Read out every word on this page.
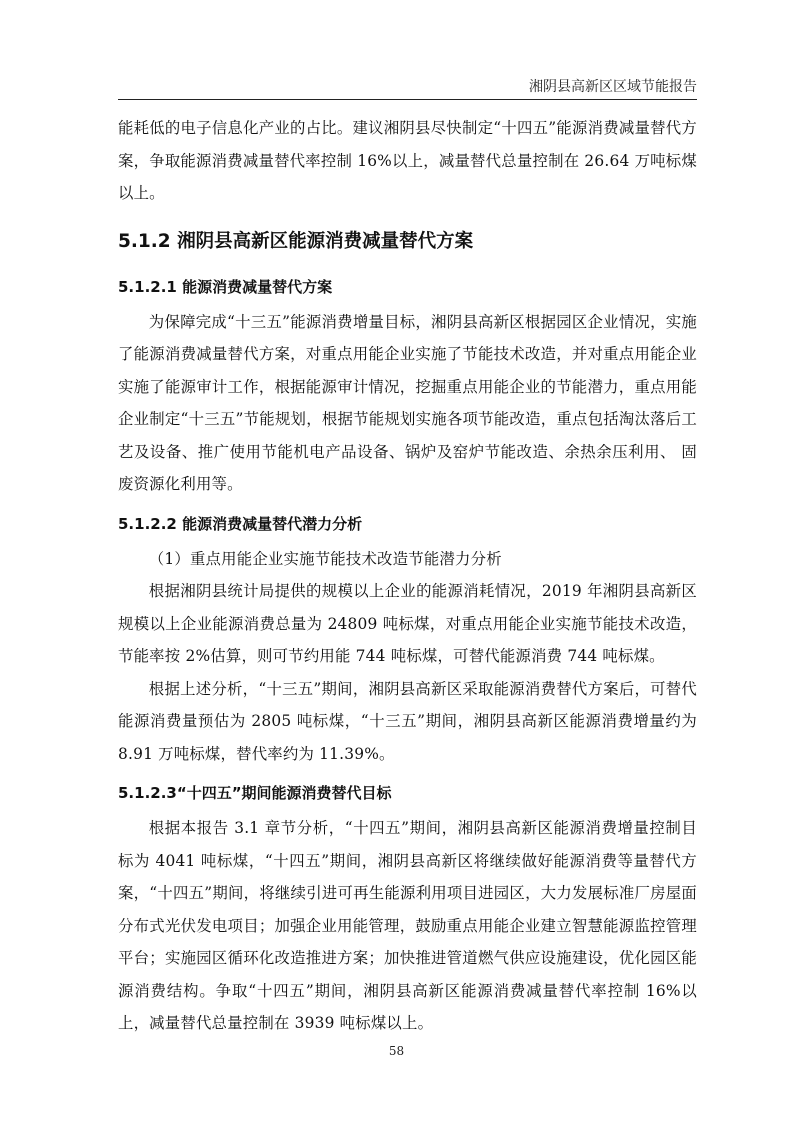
湘阴县高新区区域节能报告

能耗低的电子信息化产业的占比。建议湘阴县尽快制定“十四五”能源消费减量替代方案，争取能源消费减量替代率控制 16%以上，减量替代总量控制在 26.64 万吨标煤以上。

5.1.2 湘阴县高新区能源消费减量替代方案
5.1.2.1 能源消费减量替代方案

为保障完成“十三五”能源消费增量目标，湘阴县高新区根据园区企业情况，实施了能源消费减量替代方案，对重点用能企业实施了节能技术改造，并对重点用能企业实施了能源审计工作，根据能源审计情况，挖掘重点用能企业的节能潜力，重点用能企业制定“十三五”节能规划，根据节能规划实施各项节能改造，重点包括淘汰落后工艺及设备、推广使用节能机电产品设备、锅炉及窑炉节能改造、余热余压利用、 固废资源化利用等。

5.1.2.2 能源消费减量替代潜力分析

（1）重点用能企业实施节能技术改造节能潜力分析

根据湘阴县统计局提供的规模以上企业的能源消耗情况，2019 年湘阴县高新区规模以上企业能源消费总量为 24809 吨标煤，对重点用能企业实施节能技术改造，节能率按 2%估算，则可节约用能 744 吨标煤，可替代能源消费 744 吨标煤。

根据上述分析，“十三五”期间，湘阴县高新区采取能源消费替代方案后，可替代能源消费量预估为 2805 吨标煤，“十三五”期间，湘阴县高新区能源消费增量约为 8.91 万吨标煤，替代率约为 11.39%。

5.1.2.3“十四五”期间能源消费替代目标

根据本报告 3.1 章节分析，“十四五”期间，湘阴县高新区能源消费增量控制目标为 4041 吨标煤，“十四五”期间，湘阴县高新区将继续做好能源消费等量替代方案，“十四五”期间，将继续引进可再生能源利用项目进园区，大力发展标准厂房屋面分布式光伏发电项目；加强企业用能管理，鼓励重点用能企业建立智慧能源监控管理平台；实施园区循环化改造推进方案；加快推进管道燃气供应设施建设，优化园区能源消费结构。争取“十四五”期间，湘阴县高新区能源消费减量替代率控制 16%以上，减量替代总量控制在 3939 吨标煤以上。

58
